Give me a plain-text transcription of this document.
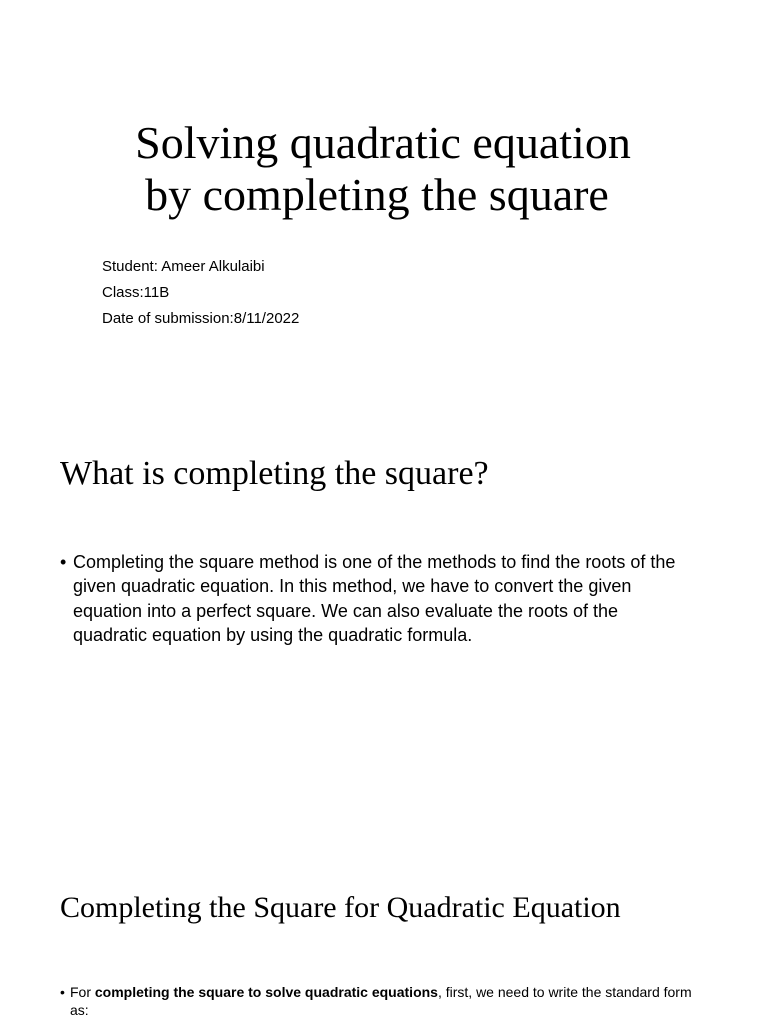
Solving quadratic equation
by completing the square
Student: Ameer Alkulaibi
Class:11B
Date of submission:8/11/2022
What is completing the square?
• Completing the square method is one of the methods to find the roots of the given quadratic equation. In this method, we have to convert the given equation into a perfect square. We can also evaluate the roots of the quadratic equation by using the quadratic formula.
Completing the Square for Quadratic Equation
• For completing the square to solve quadratic equations, first, we need to write the standard form as:
